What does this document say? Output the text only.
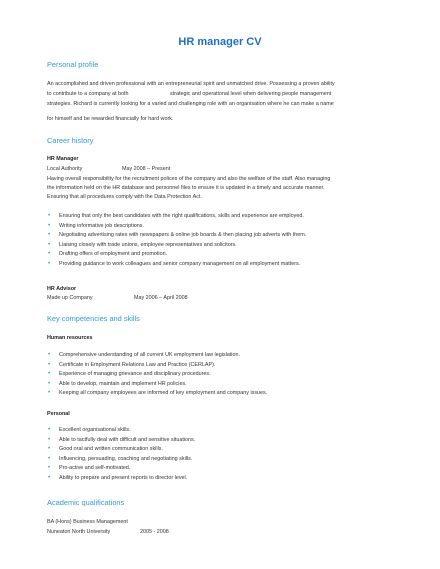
HR manager CV
Personal profile
An accomplished and driven professional with an entrepreneurial spirit and unmatched drive. Possessing a proven ability
to contribute to a company at both	strategic and operational level when delivering people management
strategies. Richard is currently looking for a varied and challenging role with an organisation where he can make a name
for himself and be rewarded financially for hard work.
Career history
HR Manager
Local Authority	May 2008 – Present
Having overall responsibility for the recruitment polices of the company and also the welfare of the staff. Also managing
the information held on the HR database and personnel files to ensure it is updated in a timely and accurate manner.
Ensuring that all procedures comply with the Data Protection Act.
• Ensuring that only the best candidates with the right qualifications, skills and experience are employed.
• Writing informative job descriptions.
• Negotiating advertising rates with newspapers & online job boards & then placing job adverts with them.
• Liaising closely with trade unions, employee representatives and solicitors.
• Drafting offers of employment and promotion.
• Providing guidance to work colleagues and senior company management on all employment matters.
HR Advisor
Made up Company	May 2006 – April 2008
Key competencies and skills
Human resources
• Comprehensive understanding of all current UK employment law legislation.
• Certificate in Employment Relations Law and Practice (CERLAP).
• Experience of managing grievance and disciplinary procedures.
• Able to develop, maintain and implement HR policies.
• Keeping all company employees are informed of key employment and company issues.
Personal
• Excellent organisational skills.
• Able to tactfully deal with difficult and sensitive situations.
• Good oral and written communication skills.
• Influencing, persuading, coaching and negotiating skills.
• Pro-active and self-motivated.
• Ability to prepare and present reports to director level.
Academic qualifications
BA (Hons) Business Management
Nuneaton North University	2005 - 2008
